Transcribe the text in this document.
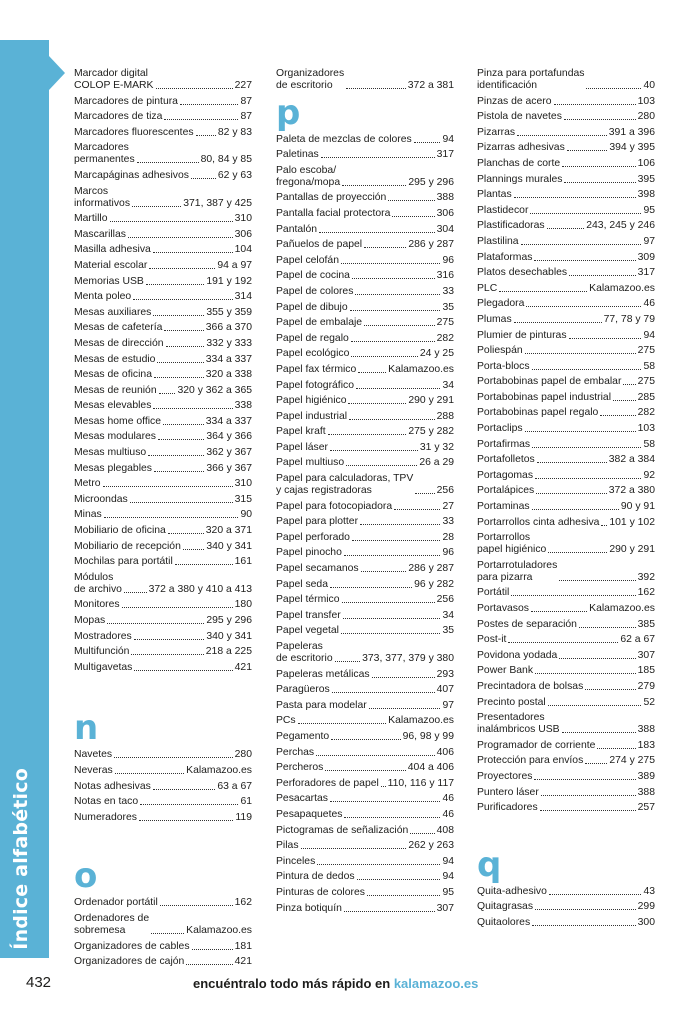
Índice alfabético
Marcador digital
COLOP E-MARK	227
Marcadores de pintura	87
Marcadores de tiza	87
Marcadores fluorescentes 82 y 83
Marcadores
permanentes	80, 84 y 85
Marcapáginas adhesivos	62 y 63
Marcos
informativos	371, 387 y 425
Martillo	310
Mascarillas	306
Masilla adhesiva	104
Material escolar	94 a 97
Memorias USB	191 y 192
Menta poleo	314
Mesas auxiliares	355 y 359
Mesas de cafetería	366 a 370
Mesas de dirección	332 y 333
Mesas de estudio	334 a 337
Mesas de oficina	320 a 338
Mesas de reunión 320 y 362 a 365
Mesas elevables	338
Mesas home office	334 a 337
Mesas modulares	364 y 366
Mesas multiuso	362 y 367
Mesas plegables	366 y 367
Metro	310
Microondas	315
Minas	90
Mobiliario de oficina	320 a 371
Mobiliario de recepción 340 y 341
Mochilas para portátil	161
Módulos
de archivo	372 a 380 y 410 a 413
Monitores	180
Mopas	295 y 296
Mostradores	340 y 341
Multifunción	218 a 225
Multigavetas	421
n
Navetes	280
Neveras	Kalamazoo.es
Notas adhesivas	63 a 67
Notas en taco	61
Numeradores	119
o
Ordenador portátil	162
Ordenadores de
sobremesa	Kalamazoo.es
Organizadores de cables	181
Organizadores de cajón	421
Organizadores
de escritorio	372 a 381
p
Paleta de mezclas de colores	94
Paletinas	317
Palo escoba/
fregona/mopa	295 y 296
Pantallas de proyección	388
Pantalla facial protectora	306
Pantalón	304
Pañuelos de papel	286 y 287
Papel celofán	96
Papel de cocina	316
Papel de colores	33
Papel de dibujo	35
Papel de embalaje	275
Papel de regalo	282
Papel ecológico	24 y 25
Papel fax térmico	Kalamazoo.es
Papel fotográfico	34
Papel higiénico	290 y 291
Papel industrial	288
Papel kraft	275 y 282
Papel láser	31 y 32
Papel multiuso	26 a 29
Papel para calculadoras, TPV
y cajas registradoras	256
Papel para fotocopiadora	27
Papel para plotter	33
Papel perforado	28
Papel pinocho	96
Papel secamanos	286 y 287
Papel seda	96 y 282
Papel térmico	256
Papel transfer	34
Papel vegetal	35
Papeleras
de escritorio	373, 377, 379 y 380
Papeleras metálicas	293
Paragüeros	407
Pasta para modelar	97
PCs	Kalamazoo.es
Pegamento	96, 98 y 99
Perchas	406
Percheros	404 a 406
Perforadores de papel 110, 116 y 117
Pesacartas	46
Pesapaquetes	46
Pictogramas de señalización	408
Pilas	262 y 263
Pinceles	94
Pintura de dedos	94
Pinturas de colores	95
Pinza botiquín	307
Pinza para portafundas
identificación	40
Pinzas de acero	103
Pistola de navetes	280
Pizarras	391 a 396
Pizarras adhesivas	394 y 395
Planchas de corte	106
Plannings murales	395
Plantas	398
Plastidecor	95
Plastificadoras	243, 245 y 246
Plastilina	97
Plataformas	309
Platos desechables	317
PLC	Kalamazoo.es
Plegadora	46
Plumas	77, 78 y 79
Plumier de pinturas	94
Poliespán	275
Porta-blocs	58
Portabobinas papel de embalar 275
Portabobinas papel industrial	285
Portabobinas papel regalo	282
Portaclips	103
Portafirmas	58
Portafolletos	382 a 384
Portagomas	92
Portalápices	372 a 380
Portaminas	90 y 91
Portarrollos cinta adhesiva 101 y 102
Portarrollos
papel higiénico	290 y 291
Portarrotuladores
para pizarra	392
Portátil	162
Portavasos	Kalamazoo.es
Postes de separación	385
Post-it	62 a 67
Povidona yodada	307
Power Bank	185
Precintadora de bolsas	279
Precinto postal	52
Presentadores
inalámbricos USB	388
Programador de corriente	183
Protección para envíos	274 y 275
Proyectores	389
Puntero láser	388
Purificadores	257
q
Quita-adhesivo	43
Quitagrasas	299
Quitaolores	300
432	encuéntralo todo más rápido en kalamazoo.es
